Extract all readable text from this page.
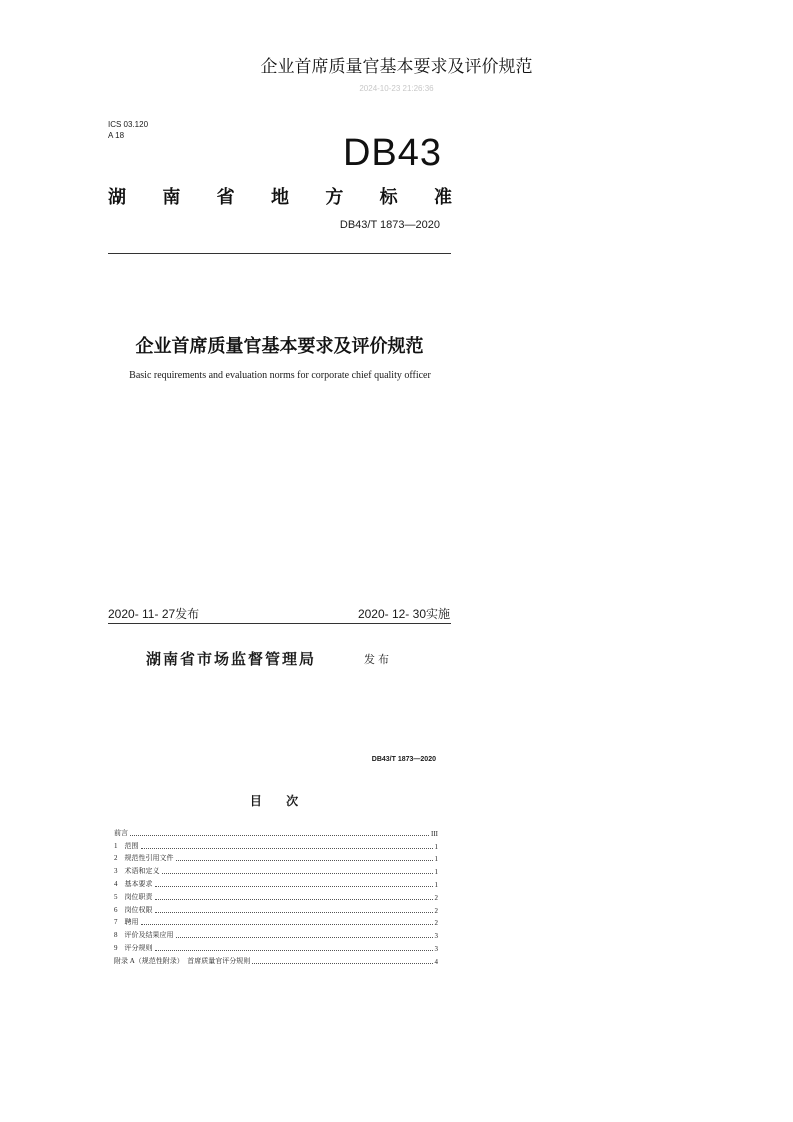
企业首席质量官基本要求及评价规范
2024-10-23 21:26:36
ICS 03.120
A 18	DB43
湖 南 省 地 方 标 准
DB43/T 1873—2020
企业首席质量官基本要求及评价规范
Basic requirements and evaluation norms for corporate chief quality officer
2020- 11- 27发布	2020- 12- 30实施
湖南省市场监督管理局	发布
DB43/T 1873—2020
目 次
前言	III
1　范围	1
2　规范性引用文件	1
3　术语和定义	1
4　基本要求	1
5　岗位职责	2
6　岗位权限	2
7　聘用	2
8　评价及结果应用	3
9　评分规则	3
附录 A（规范性附录）　首席质量官评分规则	4
